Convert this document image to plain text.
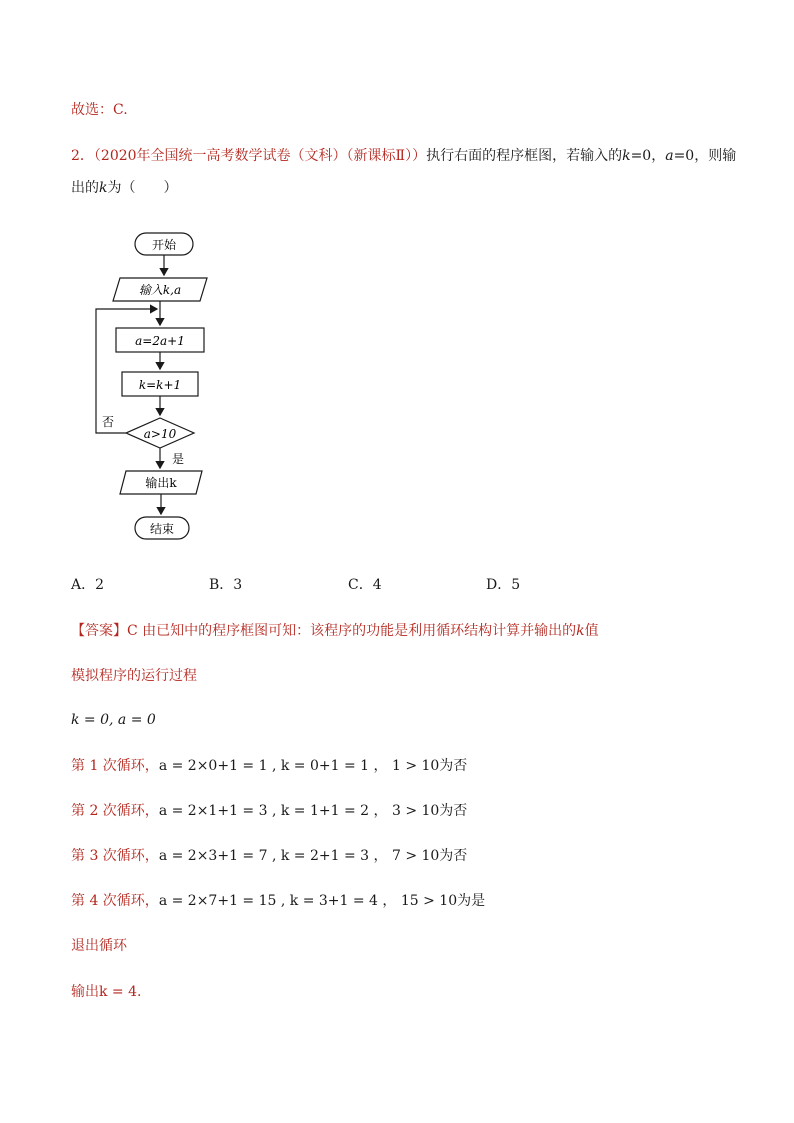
故选：C.
2．（2020年全国统一高考数学试卷（文科）（新课标Ⅱ））执行右面的程序框图，若输入的k=0，a=0，则输
出的k为（　　）
开始
输入k,a
a=2a+1
k=k+1
a>10
否
是
输出k
结束
A．2	B．3	C．4	D．5
【答案】C 由已知中的程序框图可知：该程序的功能是利用循环结构计算并输出的k值
模拟程序的运行过程
k = 0, a = 0
第 1 次循环，a = 2×0+1 = 1 , k = 0+1 = 1 ， 1 > 10为否
第 2 次循环，a = 2×1+1 = 3 , k = 1+1 = 2 ， 3 > 10为否
第 3 次循环，a = 2×3+1 = 7 , k = 2+1 = 3 ， 7 > 10为否
第 4 次循环，a = 2×7+1 = 15 , k = 3+1 = 4 ， 15 > 10为是
退出循环
输出k = 4.
